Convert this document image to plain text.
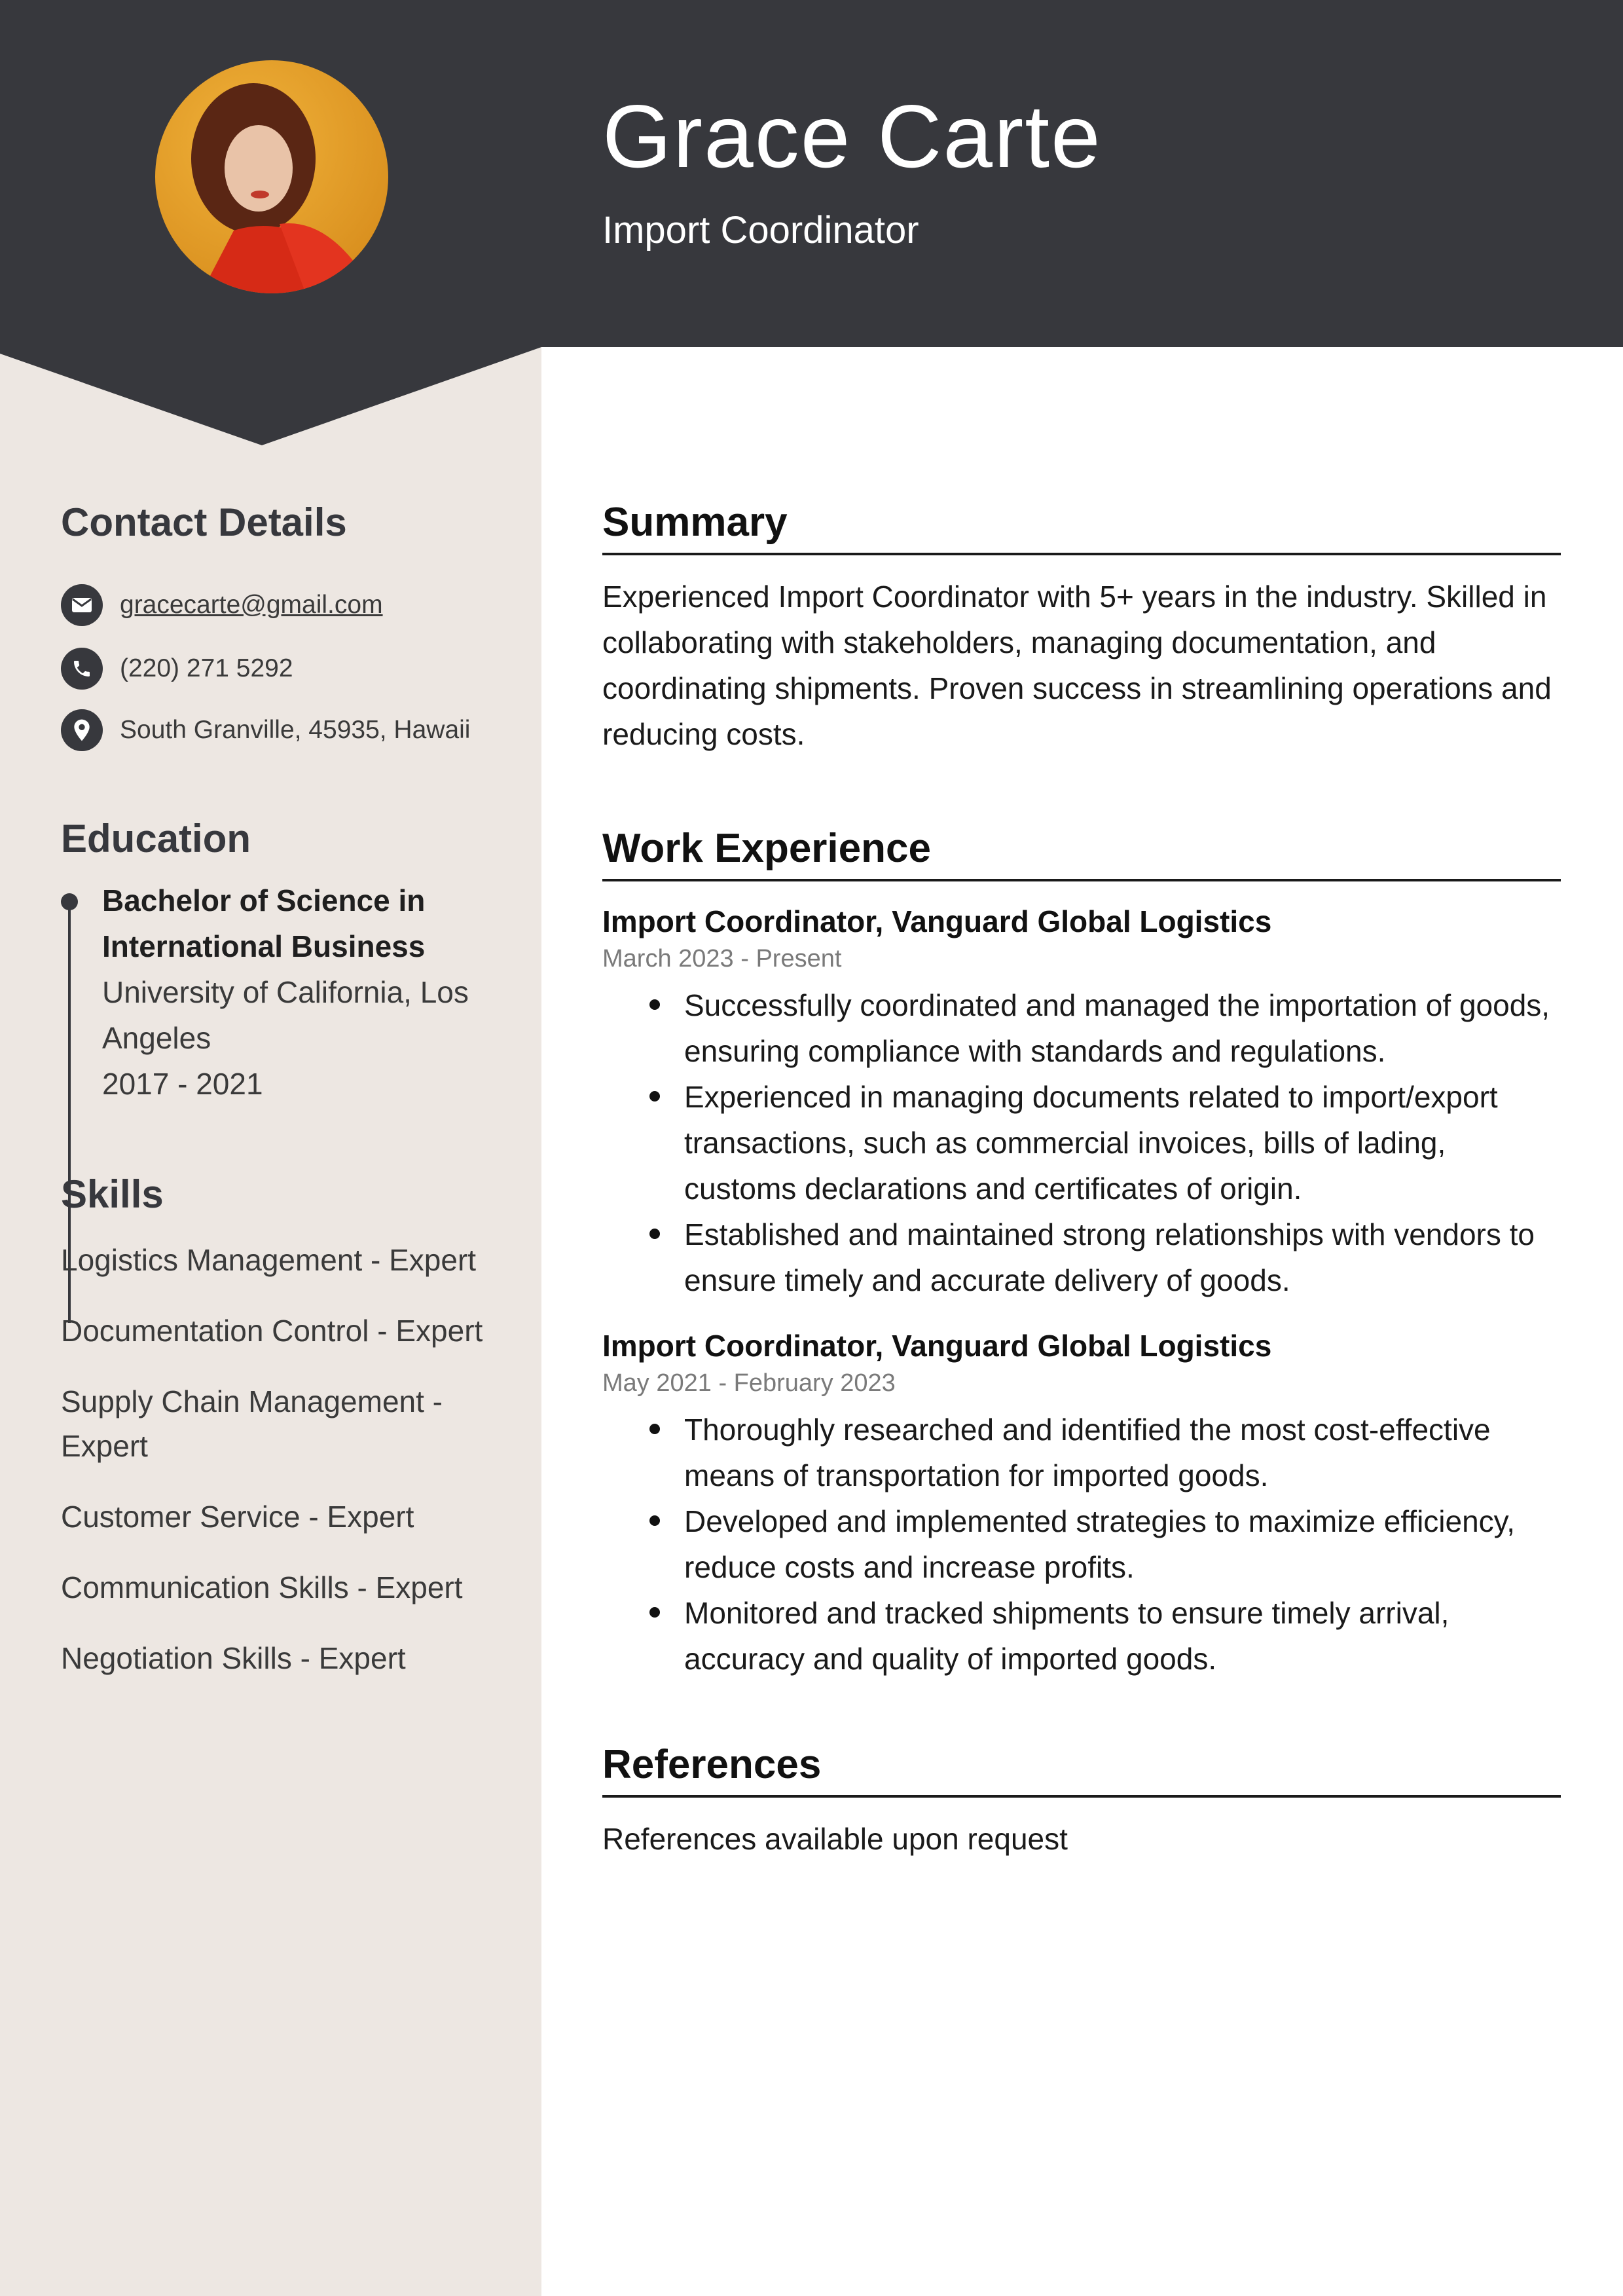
Grace Carte
Import Coordinator
Contact Details
gracecarte@gmail.com
(220) 271 5292
South Granville, 45935, Hawaii
Education
Bachelor of Science in
International Business
University of California, Los
Angeles
2017 - 2021
Skills
Logistics Management - Expert
Documentation Control - Expert
Supply Chain Management - Expert
Customer Service - Expert
Communication Skills - Expert
Negotiation Skills - Expert
Summary
Experienced Import Coordinator with 5+ years in the industry. Skilled in collaborating with stakeholders, managing documentation, and coordinating shipments. Proven success in streamlining operations and reducing costs.
Work Experience
Import Coordinator, Vanguard Global Logistics
March 2023 - Present
Successfully coordinated and managed the importation of goods, ensuring compliance with standards and regulations.
Experienced in managing documents related to import/export transactions, such as commercial invoices, bills of lading, customs declarations and certificates of origin.
Established and maintained strong relationships with vendors to ensure timely and accurate delivery of goods.
Import Coordinator, Vanguard Global Logistics
May 2021 - February 2023
Thoroughly researched and identified the most cost-effective means of transportation for imported goods.
Developed and implemented strategies to maximize efficiency, reduce costs and increase profits.
Monitored and tracked shipments to ensure timely arrival, accuracy and quality of imported goods.
References
References available upon request
